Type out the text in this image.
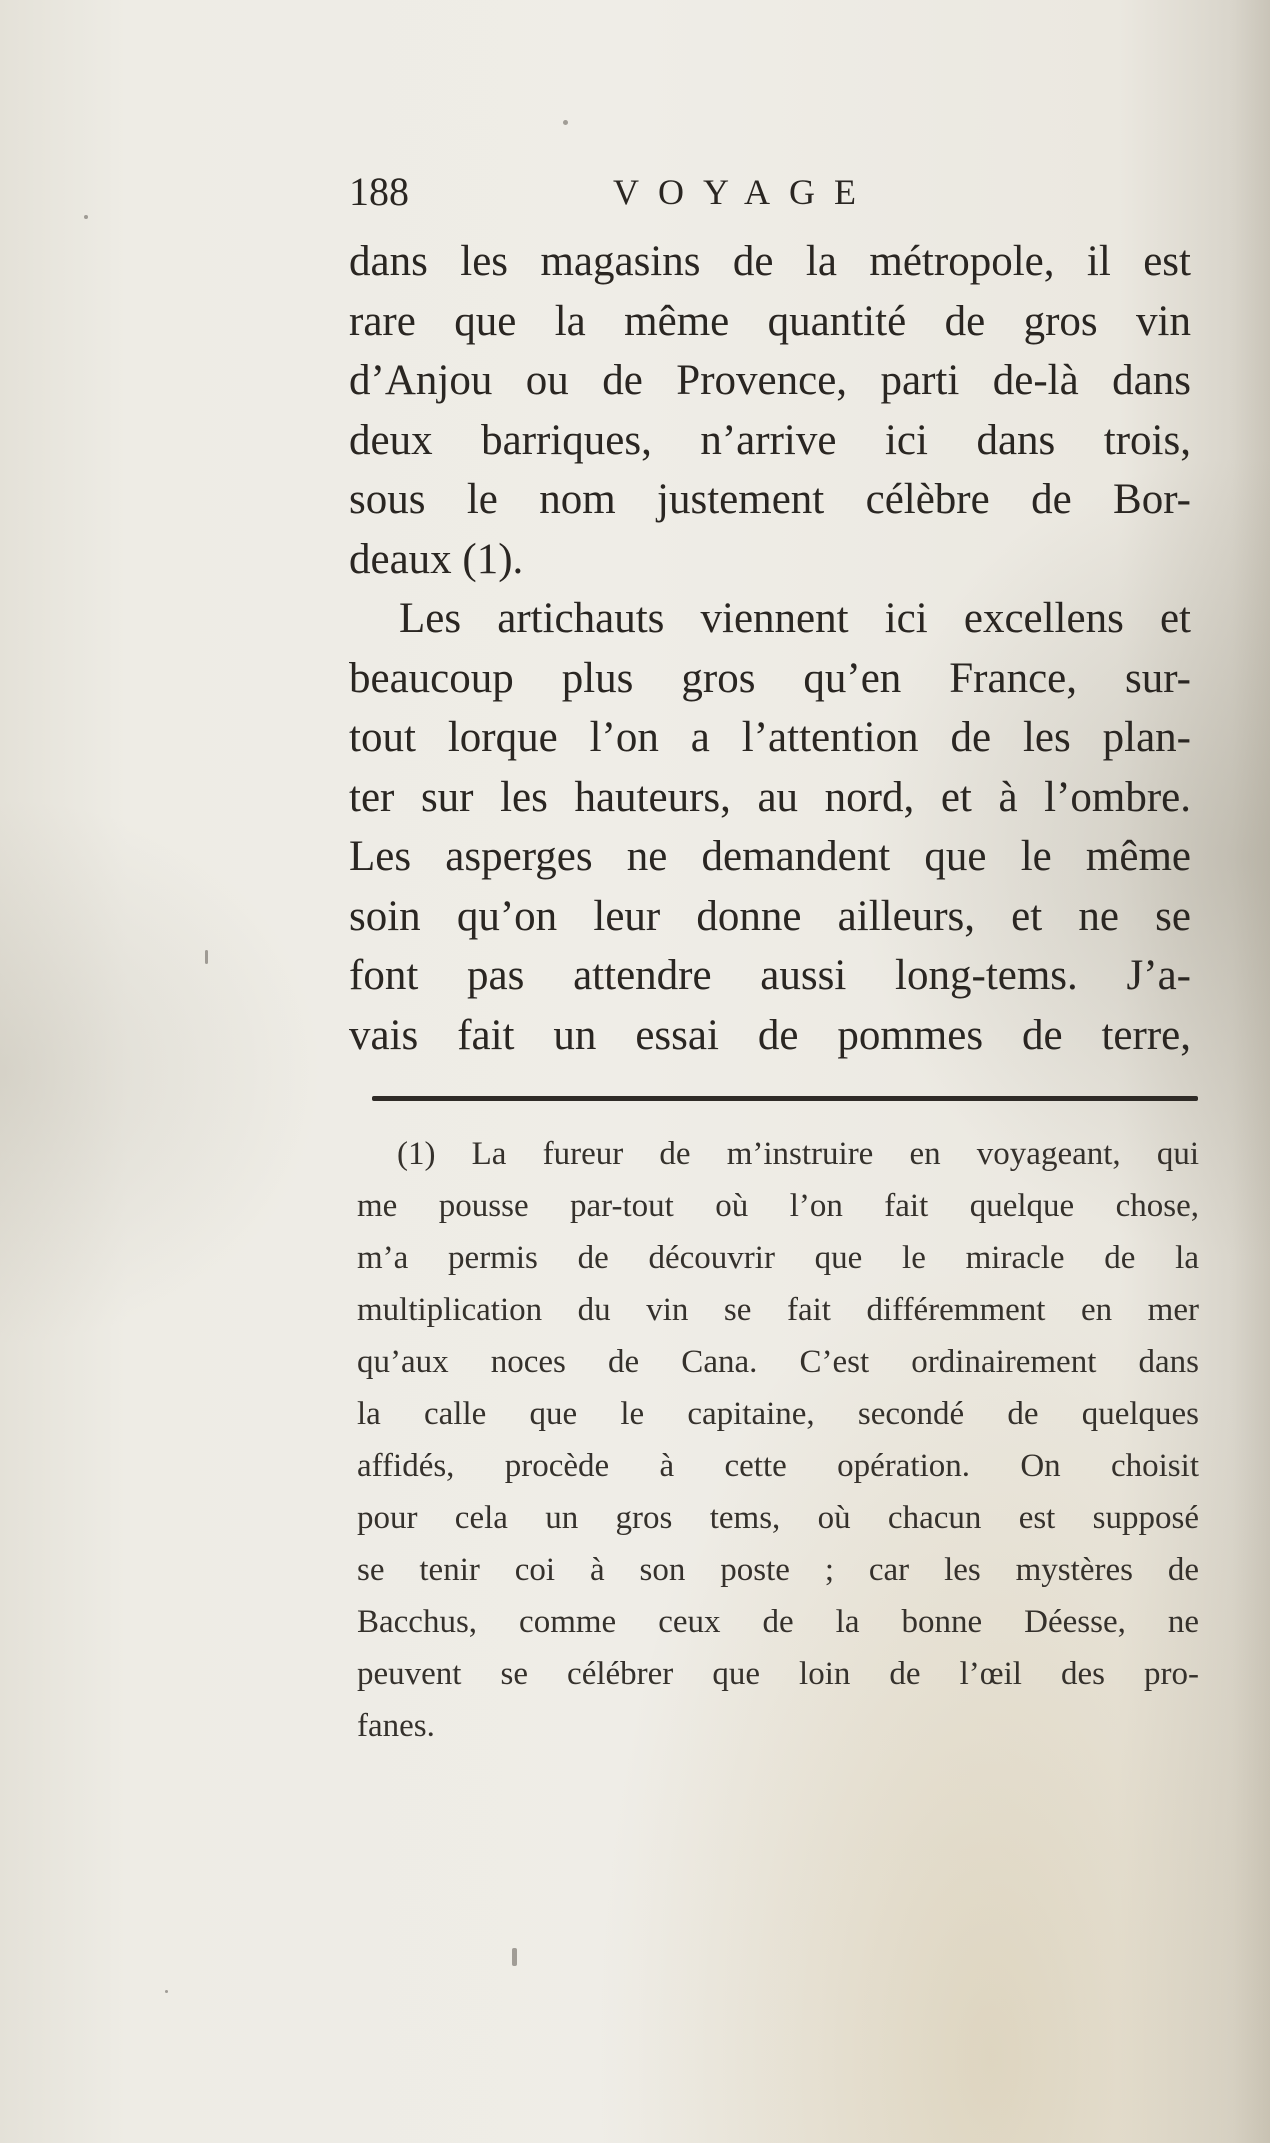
188	VOYAGE
dans les magasins de la métropole, il est
rare que la même quantité de gros vin
d’Anjou ou de Provence, parti de-là dans
deux barriques, n’arrive ici dans trois,
sous le nom justement célèbre de Bor-
deaux (1).
Les artichauts viennent ici excellens et
beaucoup plus gros qu’en France, sur-
tout lorque l’on a l’attention de les plan-
ter sur les hauteurs, au nord, et à l’ombre.
Les asperges ne demandent que le même
soin qu’on leur donne ailleurs, et ne se
font pas attendre aussi long-tems. J’a-
vais fait un essai de pommes de terre,
(1) La fureur de m’instruire en voyageant, qui
me pousse par-tout où l’on fait quelque chose,
m’a permis de découvrir que le miracle de la
multiplication du vin se fait différemment en mer
qu’aux noces de Cana. C’est ordinairement dans
la calle que le capitaine, secondé de quelques
affidés, procède à cette opération. On choisit
pour cela un gros tems, où chacun est supposé
se tenir coi à son poste ; car les mystères de
Bacchus, comme ceux de la bonne Déesse, ne
peuvent se célébrer que loin de l’œil des pro-
fanes.
